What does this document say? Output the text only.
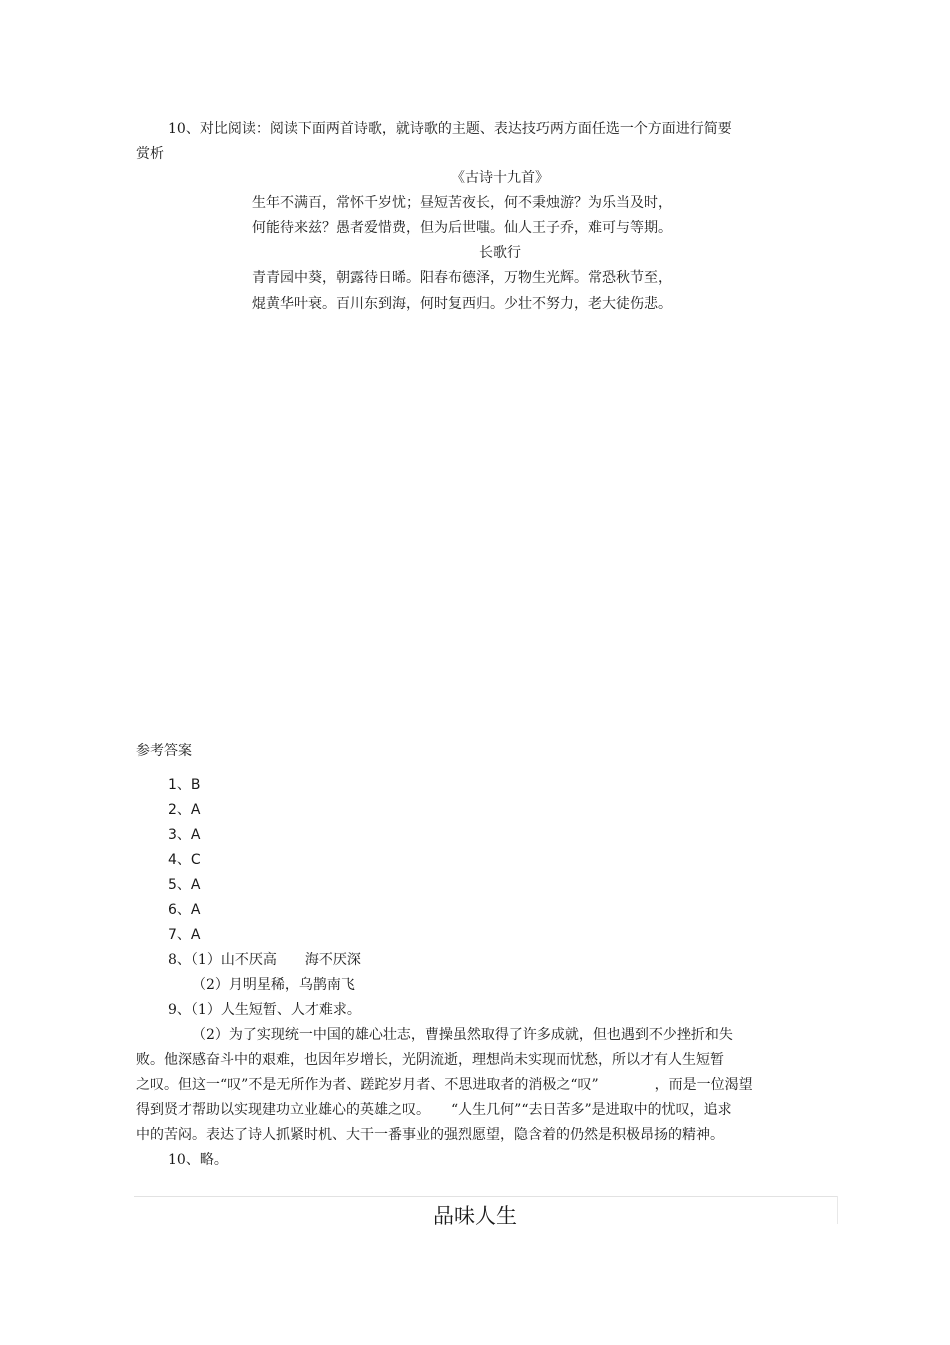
10、对比阅读：阅读下面两首诗歌，就诗歌的主题、表达技巧两方面任选一个方面进行简要
赏析
《古诗十九首》
生年不满百，常怀千岁忧；昼短苦夜长，何不秉烛游？为乐当及时，
何能待来兹？愚者爱惜费，但为后世嗤。仙人王子乔，难可与等期。
长歌行
青青园中葵，朝露待日晞。阳春布德泽，万物生光辉。常恐秋节至，
焜黄华叶衰。百川东到海，何时复西归。少壮不努力，老大徒伤悲。
参考答案
1、B
2、A
3、A
4、C
5、A
6、A
7、A
8、（1）山不厌高　　海不厌深
（2）月明星稀，乌鹊南飞
9、（1）人生短暂、人才难求。
（2）为了实现统一中国的雄心壮志，曹操虽然取得了许多成就，但也遇到不少挫折和失
败。他深感奋斗中的艰难，也因年岁增长，光阴流逝，理想尚未实现而忧愁，所以才有人生短暂
之叹。但这一“叹”不是无所作为者、蹉跎岁月者、不思进取者的消极之“叹”　　　　，而是一位渴望
得到贤才帮助以实现建功立业雄心的英雄之叹。　　“人生几何”“去日苦多”是进取中的忧叹，追求
中的苦闷。表达了诗人抓紧时机、大干一番事业的强烈愿望，隐含着的仍然是积极昂扬的精神。
10、略。
品味人生
